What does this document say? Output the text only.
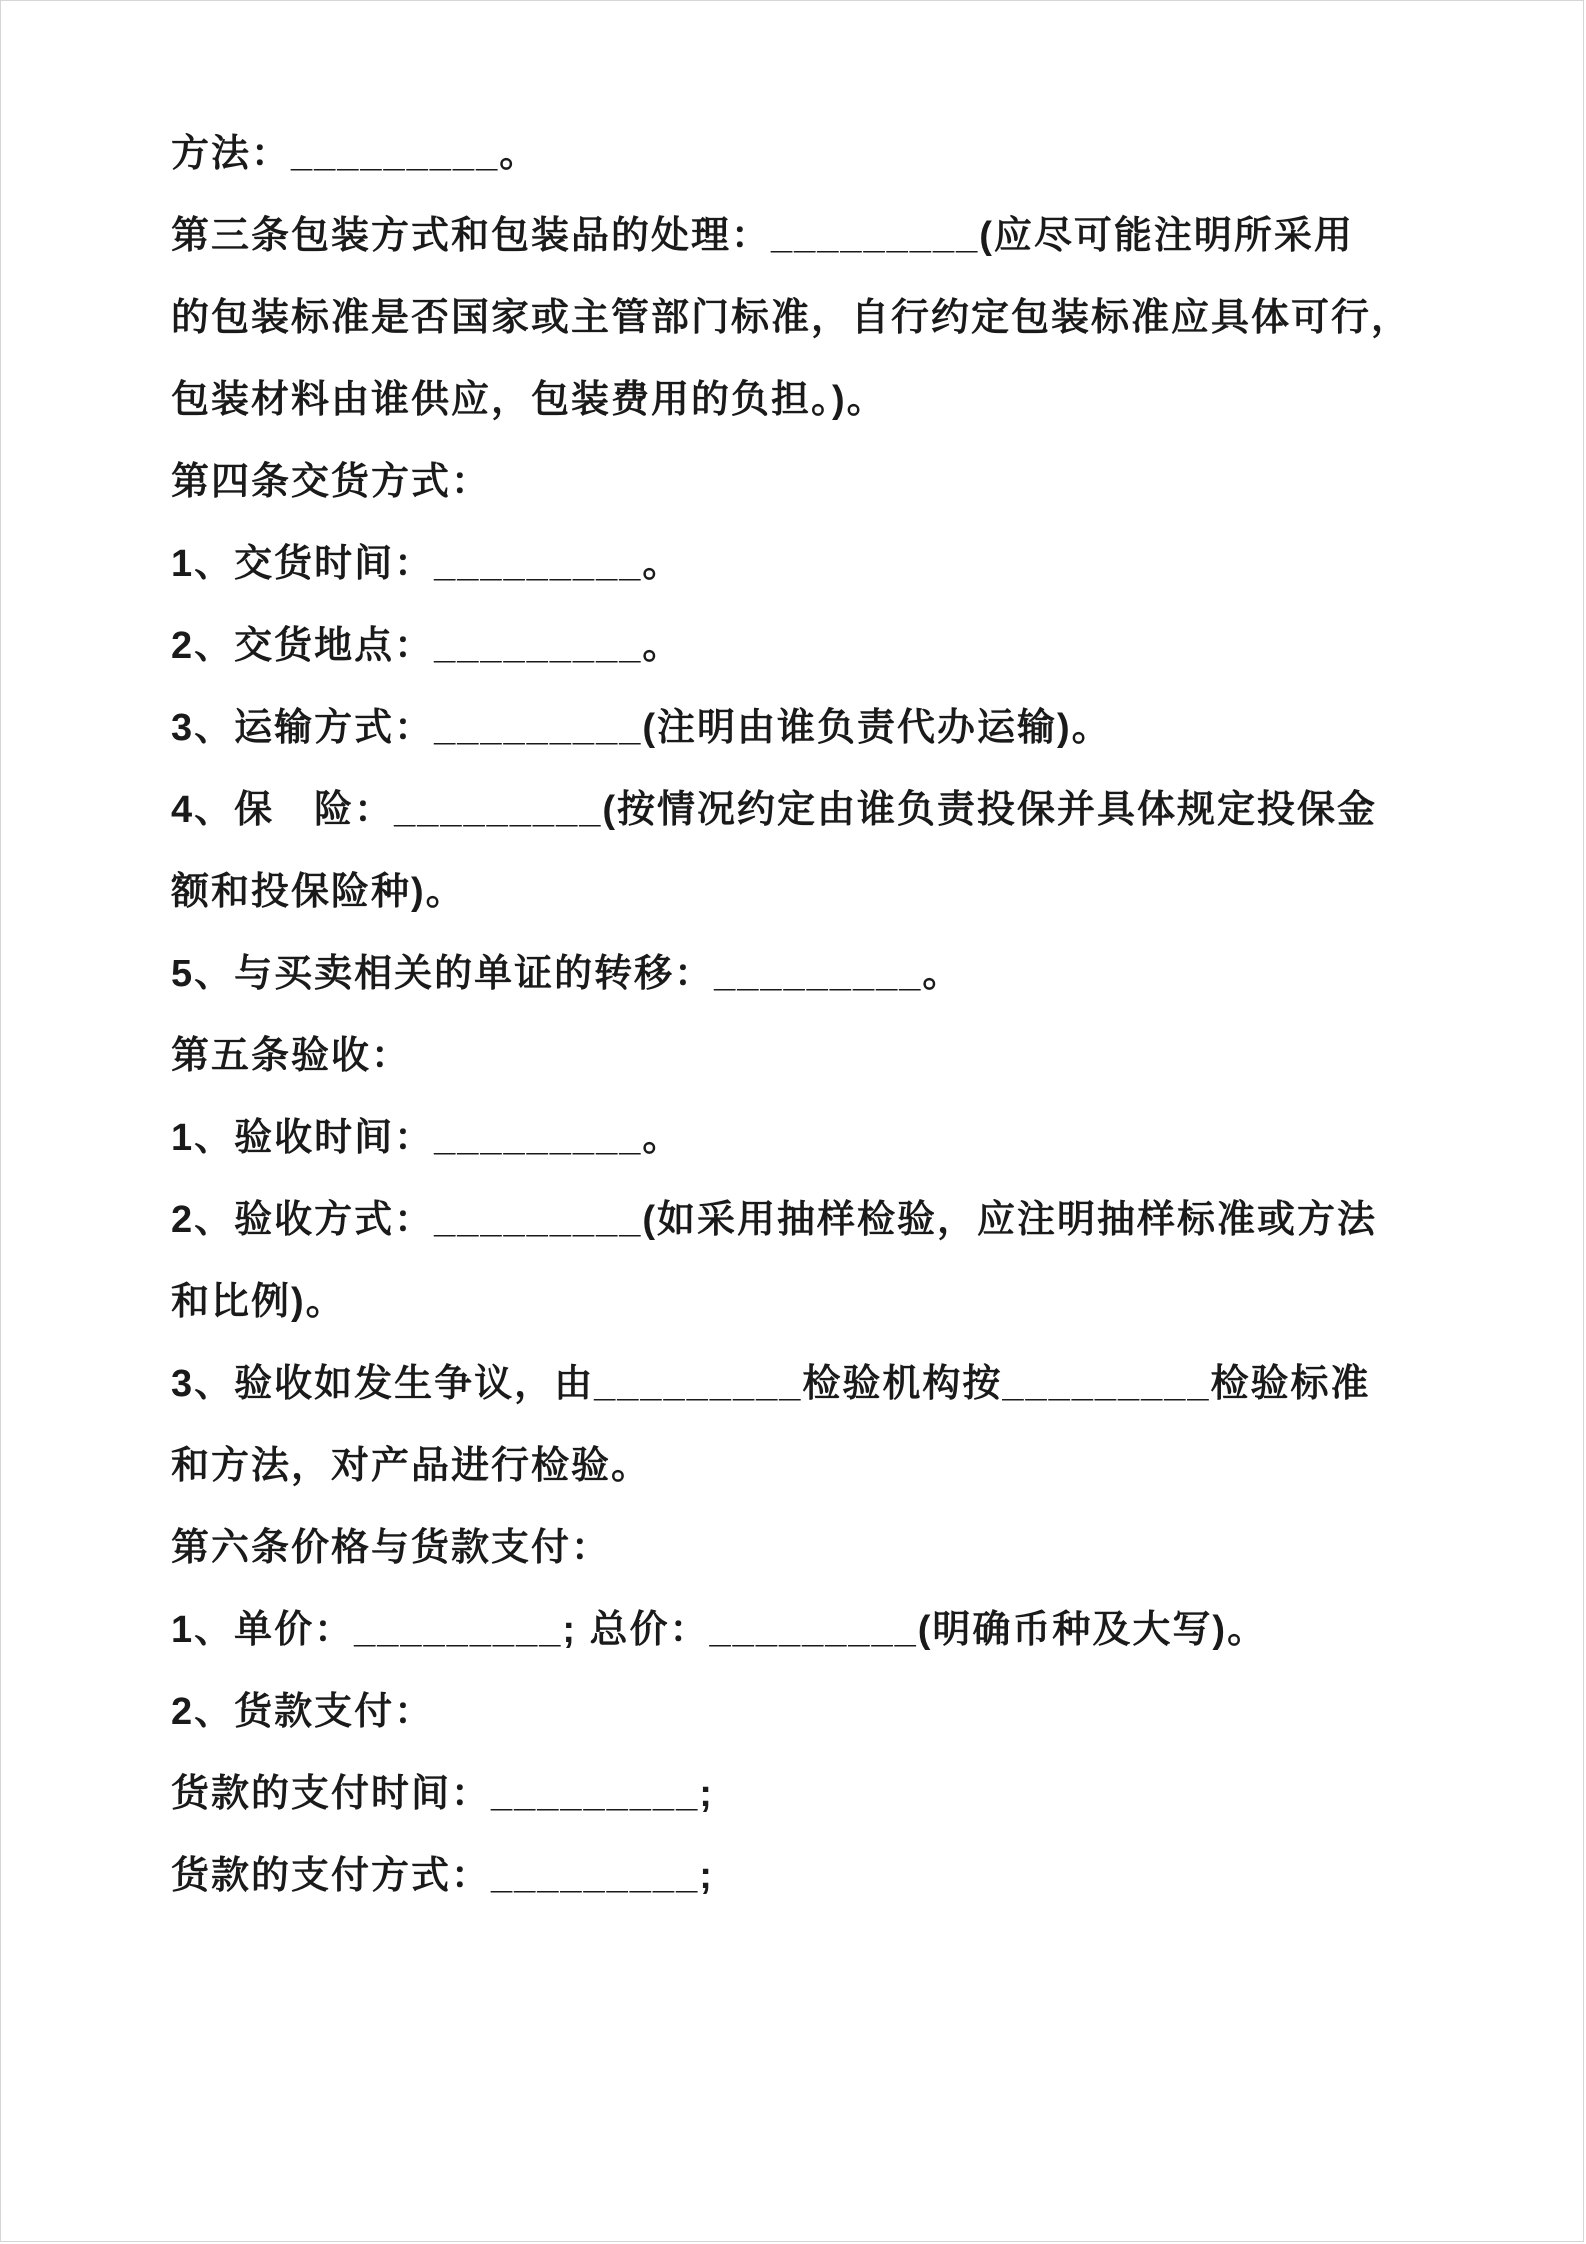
方法：_________。
第三条包装方式和包装品的处理：_________(应尽可能注明所采用
的包装标准是否国家或主管部门标准，自行约定包装标准应具体可行，
包装材料由谁供应，包装费用的负担。)。
第四条交货方式：
1、交货时间：_________。
2、交货地点：_________。
3、运输方式：_________(注明由谁负责代办运输)。
4、保　险：_________(按情况约定由谁负责投保并具体规定投保金
额和投保险种)。
5、与买卖相关的单证的转移：_________。
第五条验收：
1、验收时间：_________。
2、验收方式：_________(如采用抽样检验，应注明抽样标准或方法
和比例)。
3、验收如发生争议，由_________检验机构按_________检验标准
和方法，对产品进行检验。
第六条价格与货款支付：
1、单价：_________; 总价：_________(明确币种及大写)。
2、货款支付：
货款的支付时间：_________;
货款的支付方式：_________;
